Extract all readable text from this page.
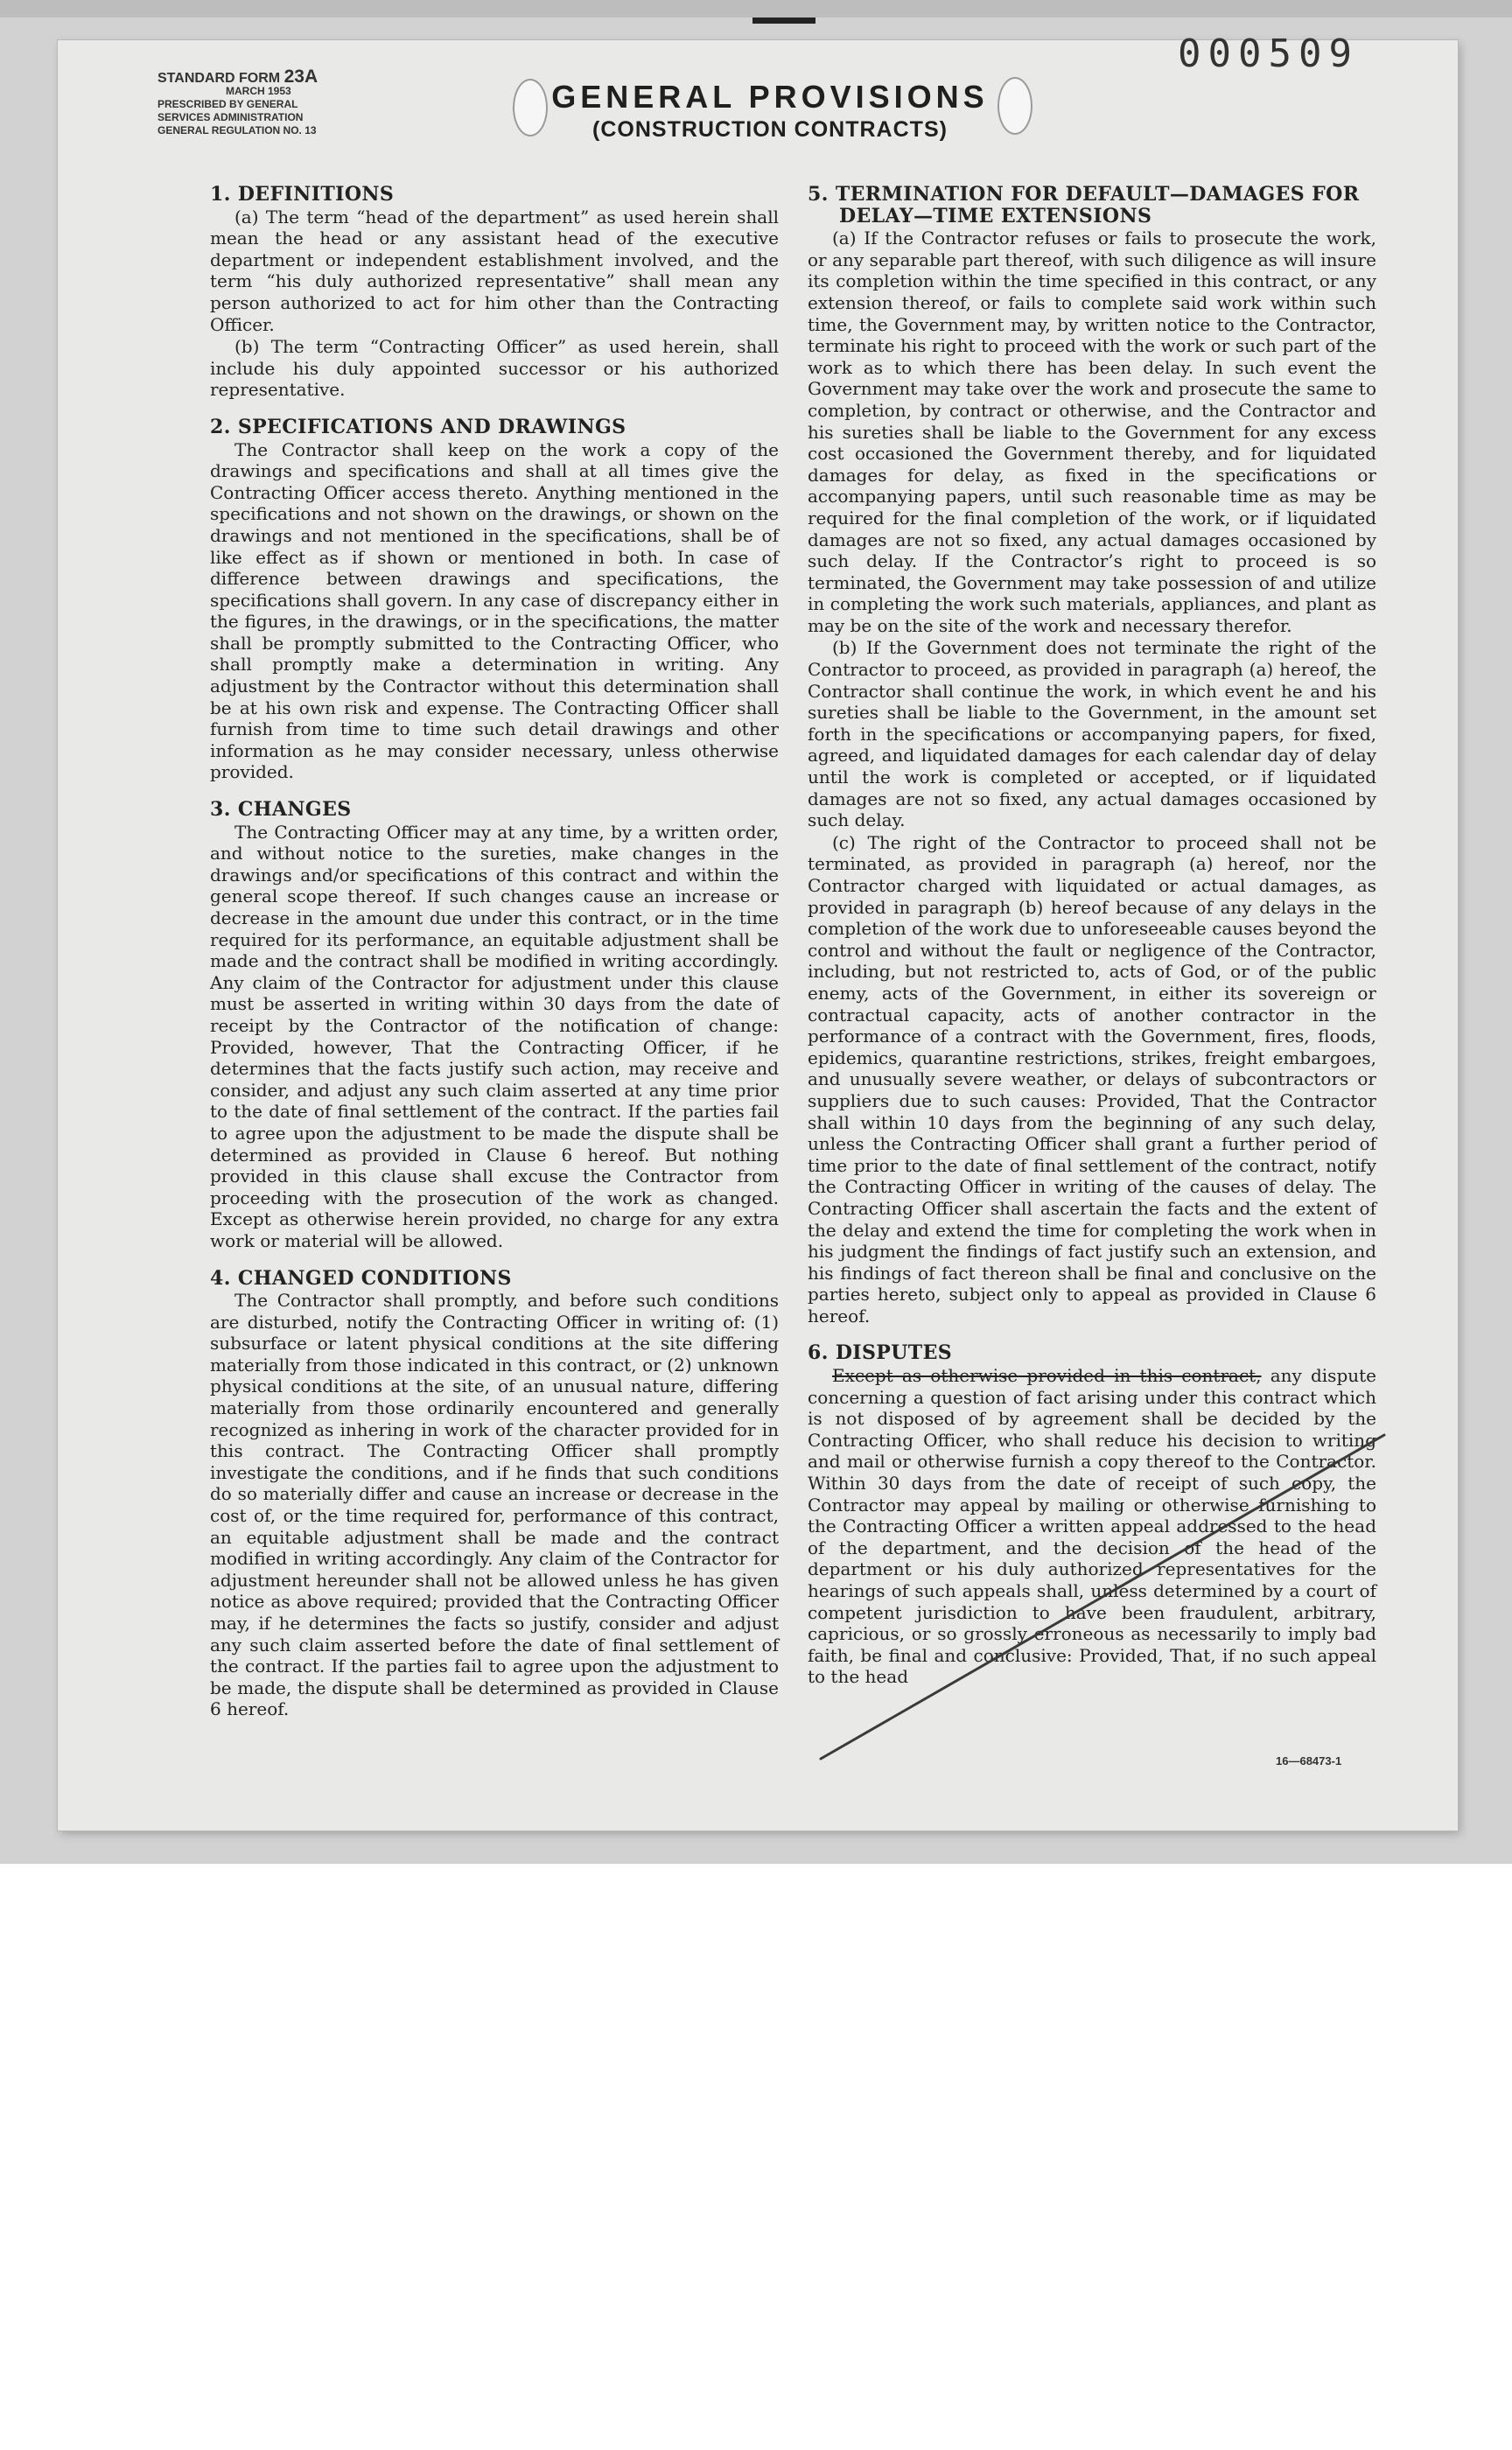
000509
STANDARD FORM 23A
MARCH 1953
PRESCRIBED BY GENERAL
SERVICES ADMINISTRATION
GENERAL REGULATION NO. 13
GENERAL PROVISIONS
(CONSTRUCTION CONTRACTS)
1. DEFINITIONS

(a) The term “head of the department” as used herein shall mean the head or any assistant head of the executive department or independent establishment involved, and the term “his duly authorized representative” shall mean any person authorized to act for him other than the Contracting Officer.

(b) The term “Contracting Officer” as used herein, shall include his duly appointed successor or his authorized representative.

2. SPECIFICATIONS AND DRAWINGS

The Contractor shall keep on the work a copy of the drawings and specifications and shall at all times give the Contracting Officer access thereto. Anything mentioned in the specifications and not shown on the drawings, or shown on the drawings and not mentioned in the specifications, shall be of like effect as if shown or mentioned in both. In case of difference between drawings and specifications, the specifications shall govern. In any case of discrepancy either in the figures, in the drawings, or in the specifications, the matter shall be promptly submitted to the Contracting Officer, who shall promptly make a determination in writing. Any adjustment by the Contractor without this determination shall be at his own risk and expense. The Contracting Officer shall furnish from time to time such detail drawings and other information as he may consider necessary, unless otherwise provided.

3. CHANGES

The Contracting Officer may at any time, by a written order, and without notice to the sureties, make changes in the drawings and/or specifications of this contract and within the general scope thereof. If such changes cause an increase or decrease in the amount due under this contract, or in the time required for its performance, an equitable adjustment shall be made and the contract shall be modified in writing accordingly. Any claim of the Contractor for adjustment under this clause must be asserted in writing within 30 days from the date of receipt by the Contractor of the notification of change: Provided, however, That the Contracting Officer, if he determines that the facts justify such action, may receive and consider, and adjust any such claim asserted at any time prior to the date of final settlement of the contract. If the parties fail to agree upon the adjustment to be made the dispute shall be determined as provided in Clause 6 hereof. But nothing provided in this clause shall excuse the Contractor from proceeding with the prosecution of the work as changed. Except as otherwise herein provided, no charge for any extra work or material will be allowed.

4. CHANGED CONDITIONS

The Contractor shall promptly, and before such conditions are disturbed, notify the Contracting Officer in writing of: (1) subsurface or latent physical conditions at the site differing materially from those indicated in this contract, or (2) unknown physical conditions at the site, of an unusual nature, differing materially from those ordinarily encountered and generally recognized as inhering in work of the character provided for in this contract. The Contracting Officer shall promptly investigate the conditions, and if he finds that such conditions do so materially differ and cause an increase or decrease in the cost of, or the time required for, performance of this contract, an equitable adjustment shall be made and the contract modified in writing accordingly. Any claim of the Contractor for adjustment hereunder shall not be allowed unless he has given notice as above required; provided that the Contracting Officer may, if he determines the facts so justify, consider and adjust any such claim asserted before the date of final settlement of the contract. If the parties fail to agree upon the adjustment to be made, the dispute shall be determined as provided in Clause 6 hereof.

5. TERMINATION FOR DEFAULT—DAMAGES FOR DELAY—TIME EXTENSIONS

(a) If the Contractor refuses or fails to prosecute the work, or any separable part thereof, with such diligence as will insure its completion within the time specified in this contract, or any extension thereof, or fails to complete said work within such time, the Government may, by written notice to the Contractor, terminate his right to proceed with the work or such part of the work as to which there has been delay. In such event the Government may take over the work and prosecute the same to completion, by contract or otherwise, and the Contractor and his sureties shall be liable to the Government for any excess cost occasioned the Government thereby, and for liquidated damages for delay, as fixed in the specifications or accompanying papers, until such reasonable time as may be required for the final completion of the work, or if liquidated damages are not so fixed, any actual damages occasioned by such delay. If the Contractor’s right to proceed is so terminated, the Government may take possession of and utilize in completing the work such materials, appliances, and plant as may be on the site of the work and necessary therefor.

(b) If the Government does not terminate the right of the Contractor to proceed, as provided in paragraph (a) hereof, the Contractor shall continue the work, in which event he and his sureties shall be liable to the Government, in the amount set forth in the specifications or accompanying papers, for fixed, agreed, and liquidated damages for each calendar day of delay until the work is completed or accepted, or if liquidated damages are not so fixed, any actual damages occasioned by such delay.

(c) The right of the Contractor to proceed shall not be terminated, as provided in paragraph (a) hereof, nor the Contractor charged with liquidated or actual damages, as provided in paragraph (b) hereof because of any delays in the completion of the work due to unforeseeable causes beyond the control and without the fault or negligence of the Contractor, including, but not restricted to, acts of God, or of the public enemy, acts of the Government, in either its sovereign or contractual capacity, acts of another contractor in the performance of a contract with the Government, fires, floods, epidemics, quarantine restrictions, strikes, freight embargoes, and unusually severe weather, or delays of subcontractors or suppliers due to such causes: Provided, That the Contractor shall within 10 days from the beginning of any such delay, unless the Contracting Officer shall grant a further period of time prior to the date of final settlement of the contract, notify the Contracting Officer in writing of the causes of delay. The Contracting Officer shall ascertain the facts and the extent of the delay and extend the time for completing the work when in his judgment the findings of fact justify such an extension, and his findings of fact thereon shall be final and conclusive on the parties hereto, subject only to appeal as provided in Clause 6 hereof.

6. DISPUTES

Except as otherwise provided in this contract, any dispute concerning a question of fact arising under this contract which is not disposed of by agreement shall be decided by the Contracting Officer, who shall reduce his decision to writing and mail or otherwise furnish a copy thereof to the Contractor. Within 30 days from the date of receipt of such copy, the Contractor may appeal by mailing or otherwise furnishing to the Contracting Officer a written appeal addressed to the head of the department, and the decision of the head of the department or his duly authorized representatives for the hearings of such appeals shall, unless determined by a court of competent jurisdiction to have been fraudulent, arbitrary, capricious, or so grossly erroneous as necessarily to imply bad faith, be final and conclusive: Provided, That, if no such appeal to the head

16—68473-1
